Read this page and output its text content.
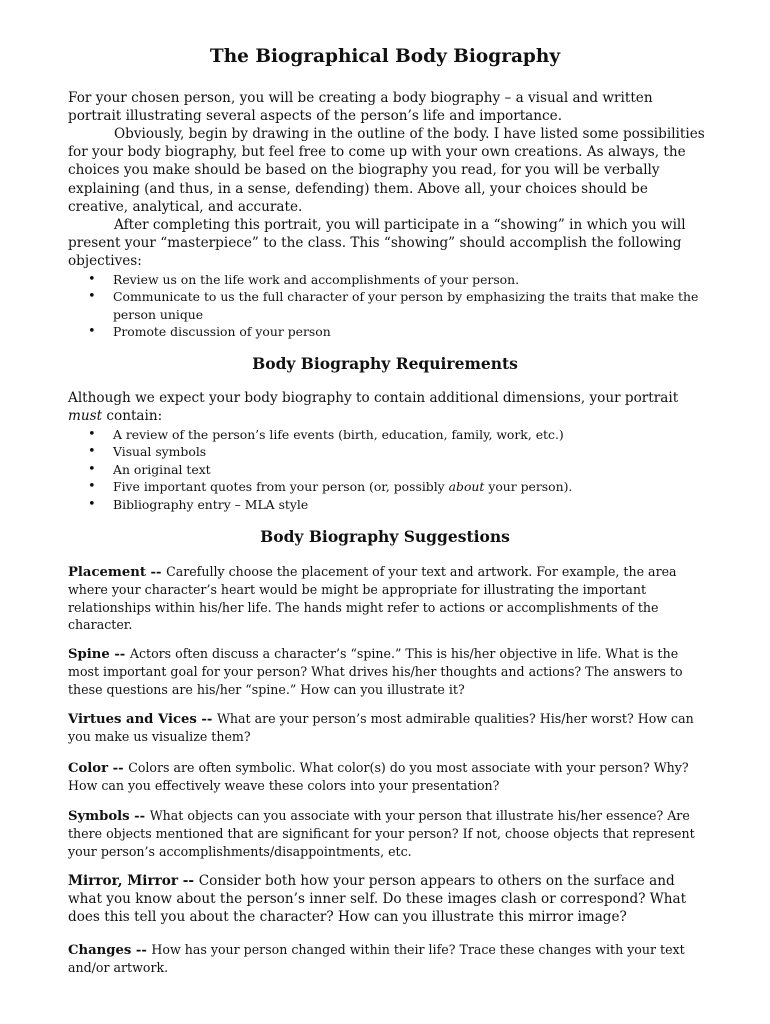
The Biographical Body Biography

For your chosen person, you will be creating a body biography – a visual and written portrait illustrating several aspects of the person’s life and importance.

Obviously, begin by drawing in the outline of the body. I have listed some possibilities for your body biography, but feel free to come up with your own creations. As always, the choices you make should be based on the biography you read, for you will be verbally explaining (and thus, in a sense, defending) them. Above all, your choices should be creative, analytical, and accurate.

After completing this portrait, you will participate in a “showing” in which you will present your “masterpiece” to the class. This “showing” should accomplish the following objectives:

• Review us on the life work and accomplishments of your person.
• Communicate to us the full character of your person by emphasizing the traits that make the person unique
• Promote discussion of your person
Body Biography Requirements

Although we expect your body biography to contain additional dimensions, your portrait must contain:

• A review of the person’s life events (birth, education, family, work, etc.)
• Visual symbols
• An original text
• Five important quotes from your person (or, possibly about your person).
• Bibliography entry – MLA style
Body Biography Suggestions

Placement -- Carefully choose the placement of your text and artwork. For example, the area where your character’s heart would be might be appropriate for illustrating the important relationships within his/her life. The hands might refer to actions or accomplishments of the character.

Spine -- Actors often discuss a character’s “spine.” This is his/her objective in life. What is the most important goal for your person? What drives his/her thoughts and actions? The answers to these questions are his/her “spine.” How can you illustrate it?

Virtues and Vices -- What are your person’s most admirable qualities? His/her worst? How can you make us visualize them?

Color -- Colors are often symbolic. What color(s) do you most associate with your person? Why? How can you effectively weave these colors into your presentation?

Symbols -- What objects can you associate with your person that illustrate his/her essence? Are there objects mentioned that are significant for your person? If not, choose objects that represent your person’s accomplishments/disappointments, etc.

Mirror, Mirror -- Consider both how your person appears to others on the surface and what you know about the person’s inner self. Do these images clash or correspond? What does this tell you about the character? How can you illustrate this mirror image?

Changes -- How has your person changed within their life? Trace these changes with your text and/or artwork.
